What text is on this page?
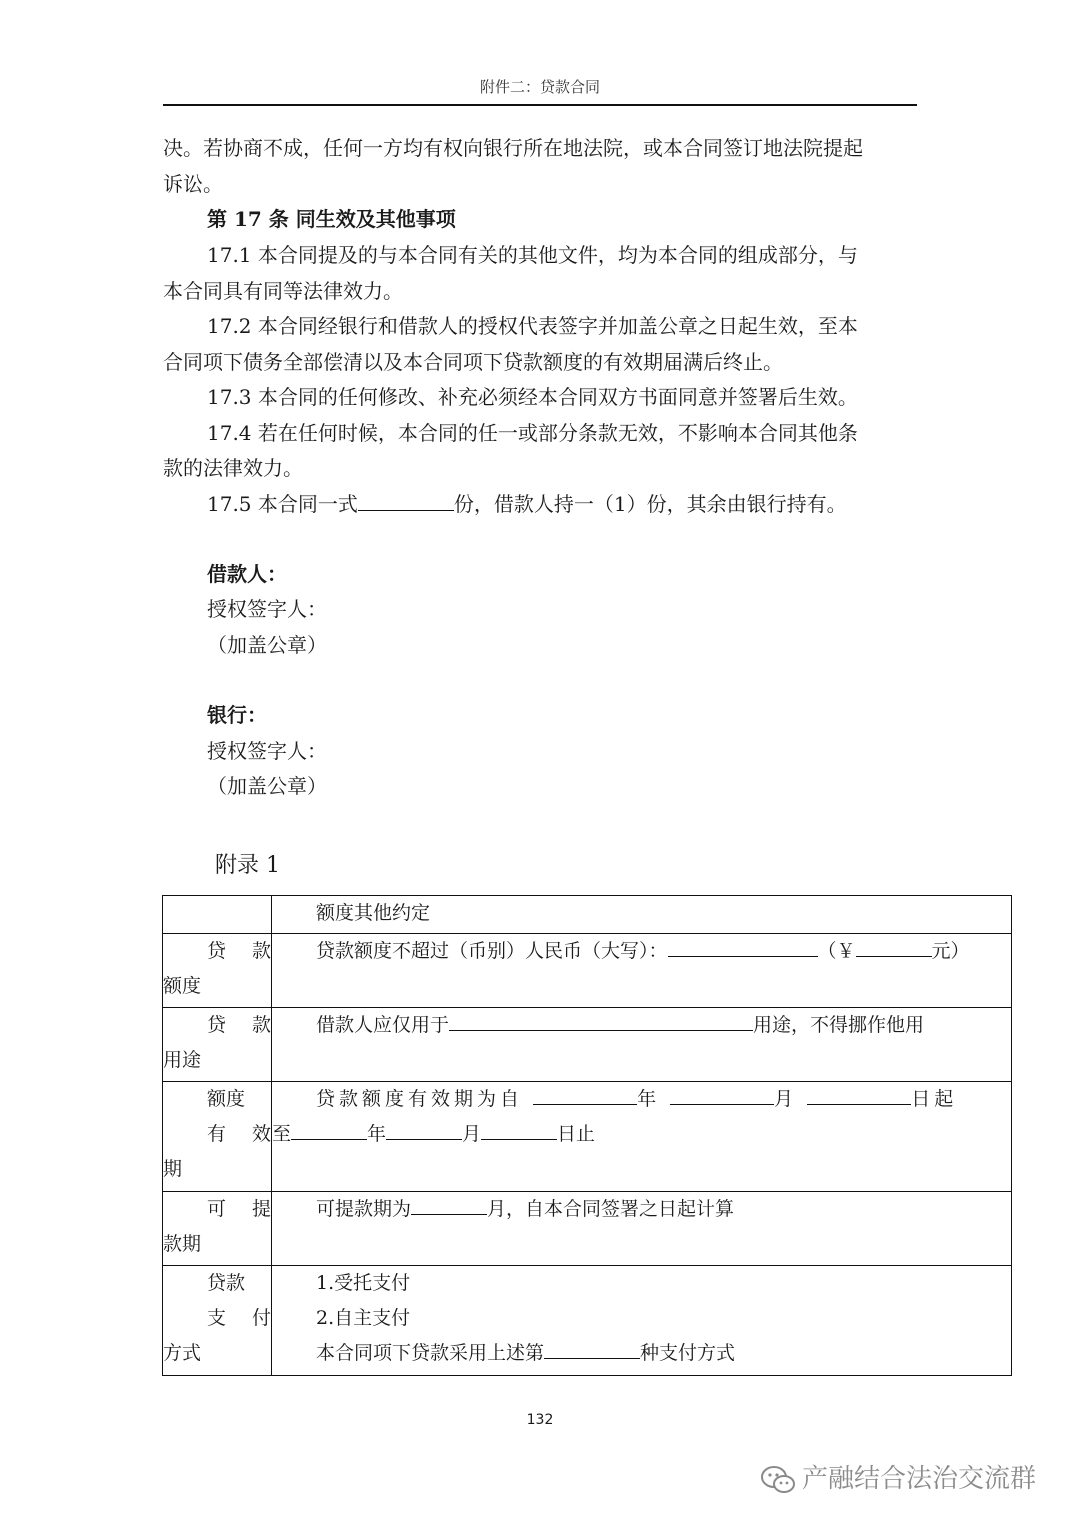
附件二：贷款合同
决。若协商不成，任何一方均有权向银行所在地法院，或本合同签订地法院提起
诉讼。
第 17 条 同生效及其他事项
17.1 本合同提及的与本合同有关的其他文件，均为本合同的组成部分，与
本合同具有同等法律效力。
17.2 本合同经银行和借款人的授权代表签字并加盖公章之日起生效，至本
合同项下债务全部偿清以及本合同项下贷款额度的有效期届满后终止。
17.3 本合同的任何修改、补充必须经本合同双方书面同意并签署后生效。
17.4 若在任何时候，本合同的任一或部分条款无效，不影响本合同其他条
款的法律效力。
17.5 本合同一式	份，借款人持一（1）份，其余由银行持有。
借款人：
授权签字人：
（加盖公章）
银行：
授权签字人：
（加盖公章）
附录 1
	额度其他约定

贷款
额度	贷款额度不超过（币别）人民币（大写）： （￥ 元）

贷款
用途	借款人应仅用于 用途，不得挪作他用

额度
有效
期	贷款额度有效期为自 年 月 日起
至 年 月 日止

可提
款期	可提款期为 月，自本合同签署之日起计算

贷款
支付
方式	1.受托支付
2.自主支付
本合同项下贷款采用上述第 种支付方式
132
产融结合法治交流群
